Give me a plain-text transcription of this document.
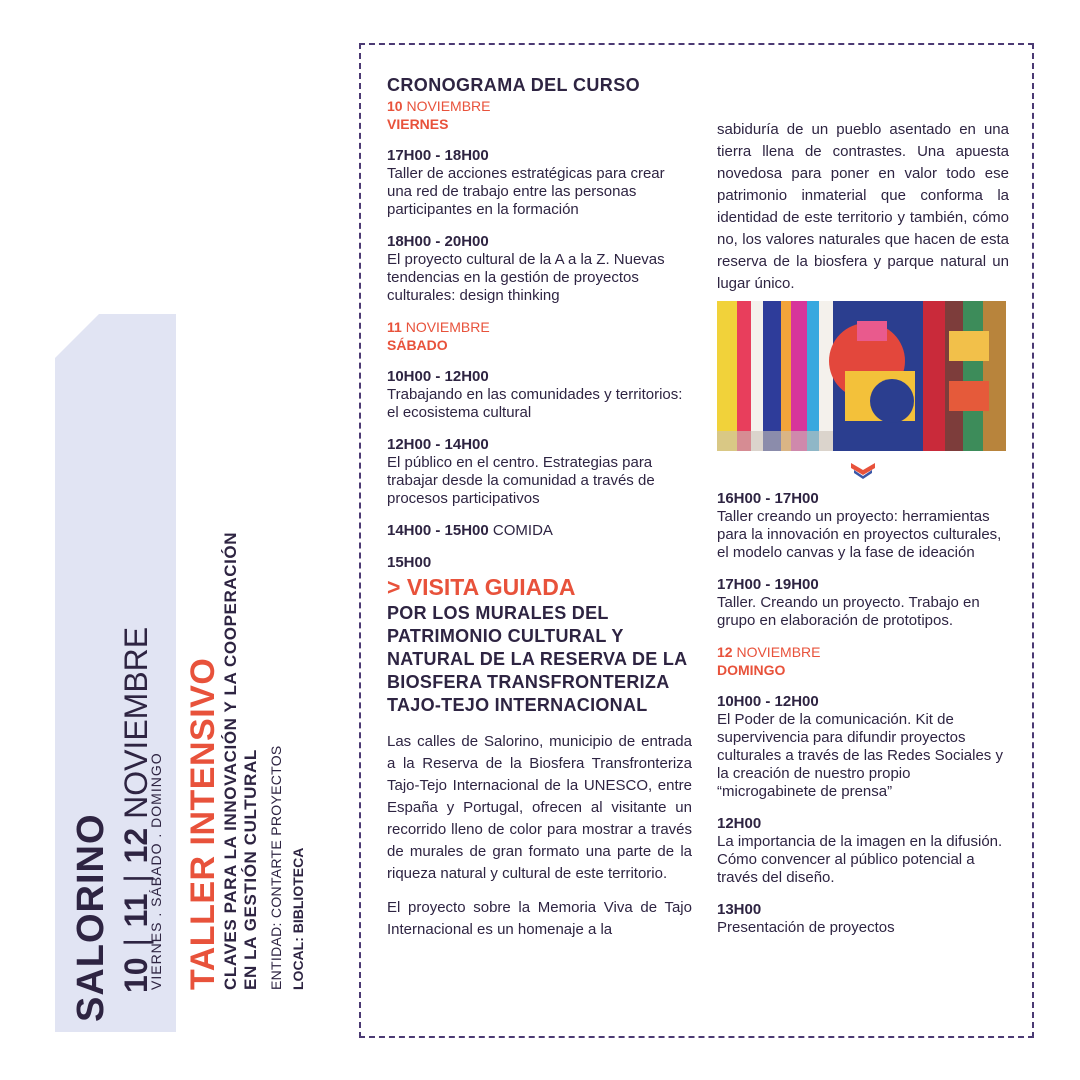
SALORINO 10 | 11 | 12 NOVIEMBRE
VIERNES . SÁBADO . DOMINGO TALLER INTENSIVO CLAVES PARA LA INNOVACIÓN Y LA COOPERACIÓN EN LA GESTIÓN CULTURAL ENTIDAD: CONTARTE PROYECTOS LOCAL: BIBLIOTECA
CRONOGRAMA DEL CURSO
10 NOVIEMBRE
VIERNES
17H00 - 18H00
Taller de acciones estratégicas para crear una red de trabajo entre las personas participantes en la formación
18H00 - 20H00
El proyecto cultural de la A a la Z. Nuevas tendencias en la gestión de proyectos culturales: design thinking
11 NOVIEMBRE
SÁBADO
10H00 - 12H00
Trabajando en las comunidades y territorios: el ecosistema cultural
12H00 - 14H00
El público en el centro. Estrategias para trabajar desde la comunidad a través de procesos participativos
14H00 - 15H00 COMIDA
15H00
> VISITA GUIADA
POR LOS MURALES DEL PATRIMONIO CULTURAL Y NATURAL DE LA RESERVA DE LA BIOSFERA TRANSFRONTERIZA TAJO-TEJO INTERNACIONAL

Las calles de Salorino, municipio de entrada a la Reserva de la Biosfera Transfronteriza Tajo-Tejo Internacional de la UNESCO, entre España y Portugal, ofrecen al visitante un recorrido lleno de color para mostrar a través de murales de gran formato una parte de la riqueza natural y cultural de este territorio.

El proyecto sobre la Memoria Viva de Tajo Internacional es un homenaje a la

sabiduría de un pueblo asentado en una tierra llena de contrastes. Una apuesta novedosa para poner en valor todo ese patrimonio inmaterial que conforma la identidad de este territorio y también, cómo no, los valores naturales que hacen de esta reserva de la biosfera y parque natural un lugar único.

16H00 - 17H00
Taller creando un proyecto: herramientas para la innovación en proyectos culturales, el modelo canvas y la fase de ideación
17H00 - 19H00
Taller. Creando un proyecto. Trabajo en grupo en elaboración de prototipos.
12 NOVIEMBRE
DOMINGO
10H00 - 12H00
El Poder de la comunicación. Kit de supervivencia para difundir proyectos culturales a través de las Redes Sociales y la creación de nuestro propio “microgabinete de prensa”
12H00
La importancia de la imagen en la difusión. Cómo convencer al público potencial a través del diseño.
13H00
Presentación de proyectos
